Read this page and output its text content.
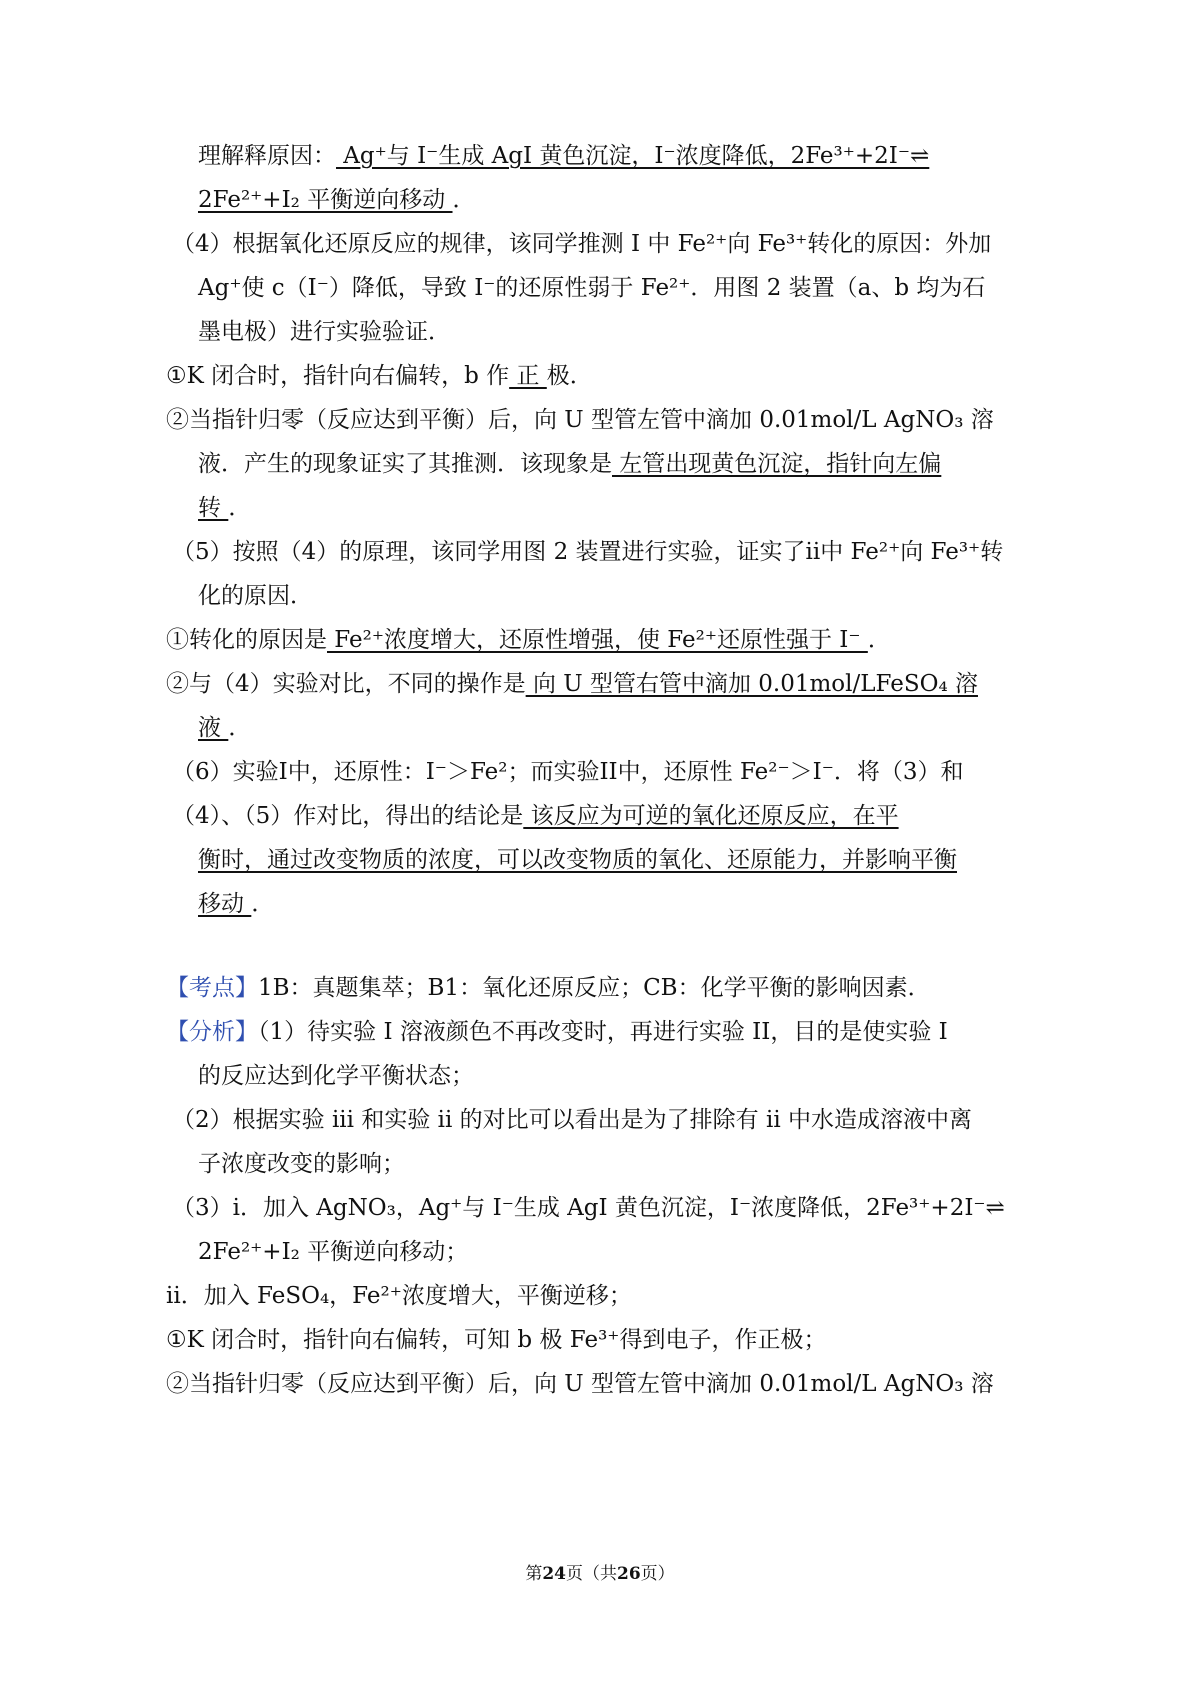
理解释原因： Ag⁺与 I⁻生成 AgI 黄色沉淀，I⁻浓度降低，2Fe³⁺+2I⁻⇌
2Fe²⁺+I₂ 平衡逆向移动 ．
（4）根据氧化还原反应的规律，该同学推测 I 中 Fe²⁺向 Fe³⁺转化的原因：外加
Ag⁺使 c（I⁻）降低，导致 I⁻的还原性弱于 Fe²⁺．用图 2 装置（a、b 均为石
墨电极）进行实验验证．
①K 闭合时，指针向右偏转，b 作 正 极．
②当指针归零（反应达到平衡）后，向 U 型管左管中滴加 0.01mol/L AgNO₃ 溶
液．产生的现象证实了其推测．该现象是 左管出现黄色沉淀，指针向左偏
转 ．
（5）按照（4）的原理，该同学用图 2 装置进行实验，证实了ii中 Fe²⁺向 Fe³⁺转
化的原因．
①转化的原因是 Fe²⁺浓度增大，还原性增强，使 Fe²⁺还原性强于 I⁻ ．
②与（4）实验对比，不同的操作是 向 U 型管右管中滴加 0.01mol/LFeSO₄ 溶
液 ．
（6）实验I中，还原性：I⁻＞Fe²；而实验II中，还原性 Fe²⁻＞I⁻．将（3）和
（4）、（5）作对比，得出的结论是 该反应为可逆的氧化还原反应，在平
衡时，通过改变物质的浓度，可以改变物质的氧化、还原能力，并影响平衡
移动 ．
【考点】1B：真题集萃；B1：氧化还原反应；CB：化学平衡的影响因素．
【分析】（1）待实验 I 溶液颜色不再改变时，再进行实验 II，目的是使实验 I
的反应达到化学平衡状态；
（2）根据实验 iii 和实验 ii 的对比可以看出是为了排除有 ii 中水造成溶液中离
子浓度改变的影响；
（3）i．加入 AgNO₃，Ag⁺与 I⁻生成 AgI 黄色沉淀，I⁻浓度降低，2Fe³⁺+2I⁻⇌
2Fe²⁺+I₂ 平衡逆向移动；
ii．加入 FeSO₄，Fe²⁺浓度增大，平衡逆移；
①K 闭合时，指针向右偏转，可知 b 极 Fe³⁺得到电子，作正极；
②当指针归零（反应达到平衡）后，向 U 型管左管中滴加 0.01mol/L AgNO₃ 溶
第24页（共26页）
